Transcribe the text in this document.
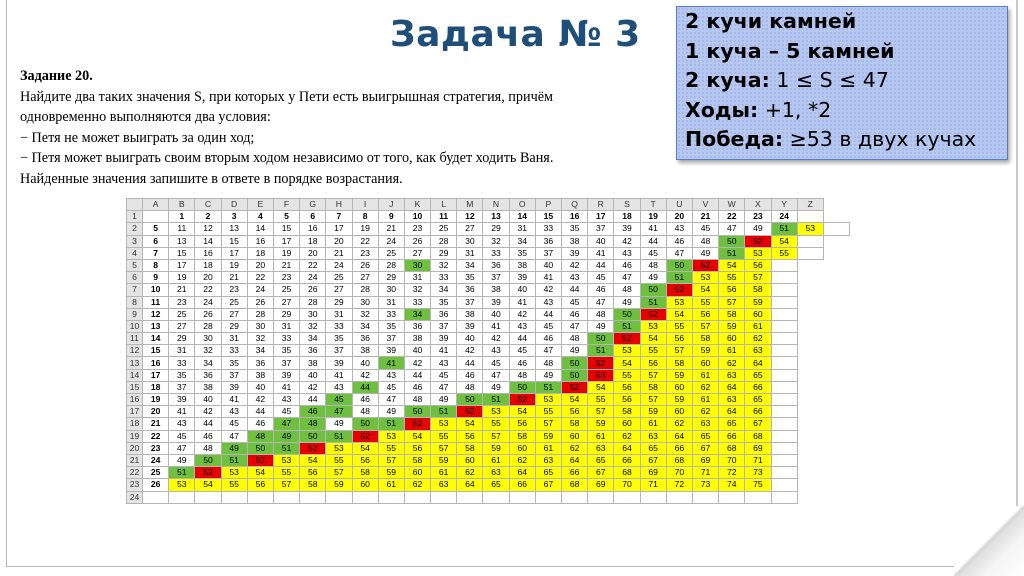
Задача № 3
Задание 20.
Найдите два таких значения S, при которых у Пети есть выигрышная стратегия, причём
одновременно выполняются два условия:
− Петя не может выиграть за один ход;
− Петя может выиграть своим вторым ходом независимо от того, как будет ходить Ваня.
Найденные значения запишите в ответе в порядке возрастания.
2 кучи камней
1 куча – 5 камней
2 куча: 1 ≤ S ≤ 47
Ходы: +1, *2
Победа: ≥53 в двух кучах
	A	B	C	D	E	F	G	H	I	J	K	L	M	N	O	P	Q	R	S	T	U	V	W	X	Y	Z	
1		1	2	3	4	5	6	7	8	9	10	11	12	13	14	15	16	17	18	19	20	21	22	23	24		
2	5	11	12	13	14	15	16	17	19	21	23	25	27	29	31	33	35	37	39	41	43	45	47	49	51	53	
3	6	13	14	15	16	17	18	20	22	24	26	28	30	32	34	36	38	40	42	44	46	48	50	52	54		
4	7	15	16	17	18	19	20	21	23	25	27	29	31	33	35	37	39	41	43	45	47	49	51	53	55		
5	8	17	18	19	20	21	22	24	26	28	30	32	34	36	38	40	42	44	46	48	50	52	54	56			
6	9	19	20	21	22	23	24	25	27	29	31	33	35	37	39	41	43	45	47	49	51	53	55	57			
7	10	21	22	23	24	25	26	27	28	30	32	34	36	38	40	42	44	46	48	50	52	54	56	58			
8	11	23	24	25	26	27	28	29	30	31	33	35	37	39	41	43	45	47	49	51	53	55	57	59			
9	12	25	26	27	28	29	30	31	32	33	34	36	38	40	42	44	46	48	50	52	54	56	58	60			
10	13	27	28	29	30	31	32	33	34	35	36	37	39	41	43	45	47	49	51	53	55	57	59	61			
11	14	29	30	31	32	33	34	35	36	37	38	39	40	42	44	46	48	50	52	54	56	58	60	62			
12	15	31	32	33	34	35	36	37	38	39	40	41	42	43	45	47	49	51	53	55	57	59	61	63			
13	16	33	34	35	36	37	38	39	40	41	42	43	44	45	46	48	50	52	54	56	58	60	62	64			
14	17	35	36	37	38	39	40	41	42	43	44	45	46	47	48	49	50	53	55	57	59	61	63	65			
15	18	37	38	39	40	41	42	43	44	45	46	47	48	49	50	51	52	54	56	58	60	62	64	66			
16	19	39	40	41	42	43	44	45	46	47	48	49	50	51	52	53	54	55	56	57	59	61	63	65			
17	20	41	42	43	44	45	46	47	48	49	50	51	52	53	54	55	56	57	58	59	60	62	64	66			
18	21	43	44	45	46	47	48	49	50	51	52	53	54	55	56	57	58	59	60	61	62	63	65	67			
19	22	45	46	47	48	49	50	51	52	53	54	55	56	57	58	59	60	61	62	63	64	65	66	68			
20	23	47	48	49	50	51	52	53	54	55	56	57	58	59	60	61	62	63	64	65	66	67	68	69			
21	24	49	50	51	52	53	54	55	56	57	58	59	60	61	62	63	64	65	66	67	68	69	70	71			
22	25	51	52	53	54	55	56	57	58	59	60	61	62	63	64	65	66	67	68	69	70	71	72	73			
23	26	53	54	55	56	57	58	59	60	61	62	63	64	65	66	67	68	69	70	71	72	73	74	75			
24																											
